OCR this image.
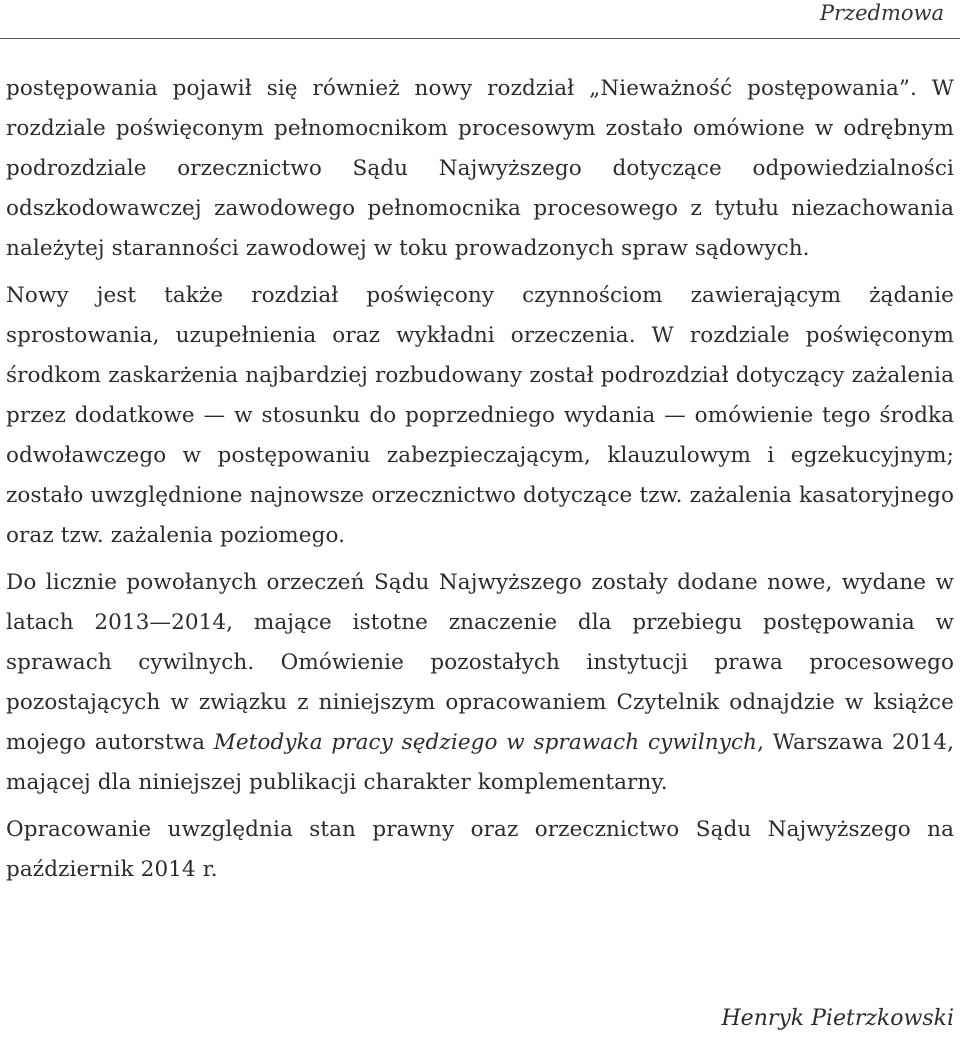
Przedmowa

postępowania pojawił się również nowy rozdział „Nieważność postępowania”. W rozdziale poświęconym pełnomocnikom procesowym zostało omówione w odrębnym podrozdziale orzecznictwo Sądu Najwyższego dotyczące odpowiedzialności odszkodowawczej zawodowego pełnomocnika procesowego z tytułu niezachowania należytej staranności zawodowej w toku prowadzonych spraw sądowych.

Nowy jest także rozdział poświęcony czynnościom zawierającym żądanie sprostowania, uzupełnienia oraz wykładni orzeczenia. W rozdziale poświęconym środkom zaskarżenia najbardziej rozbudowany został podrozdział dotyczący zażalenia przez dodatkowe — w stosunku do poprzedniego wydania — omówienie tego środka odwoławczego w postępowaniu zabezpieczającym, klauzulowym i egzekucyjnym; zostało uwzględnione najnowsze orzecznictwo dotyczące tzw. zażalenia kasatoryjnego oraz tzw. zażalenia poziomego.

Do licznie powołanych orzeczeń Sądu Najwyższego zostały dodane nowe, wydane w latach 2013—2014, mające istotne znaczenie dla przebiegu postępowania w sprawach cywilnych. Omówienie pozostałych instytucji prawa procesowego pozostających w związku z niniejszym opracowaniem Czytelnik odnajdzie w książce mojego autorstwa Metodyka pracy sędziego w sprawach cywilnych, Warszawa 2014, mającej dla niniejszej publikacji charakter komplementarny.

Opracowanie uwzględnia stan prawny oraz orzecznictwo Sądu Najwyższego na październik 2014 r.

Henryk Pietrzkowski
